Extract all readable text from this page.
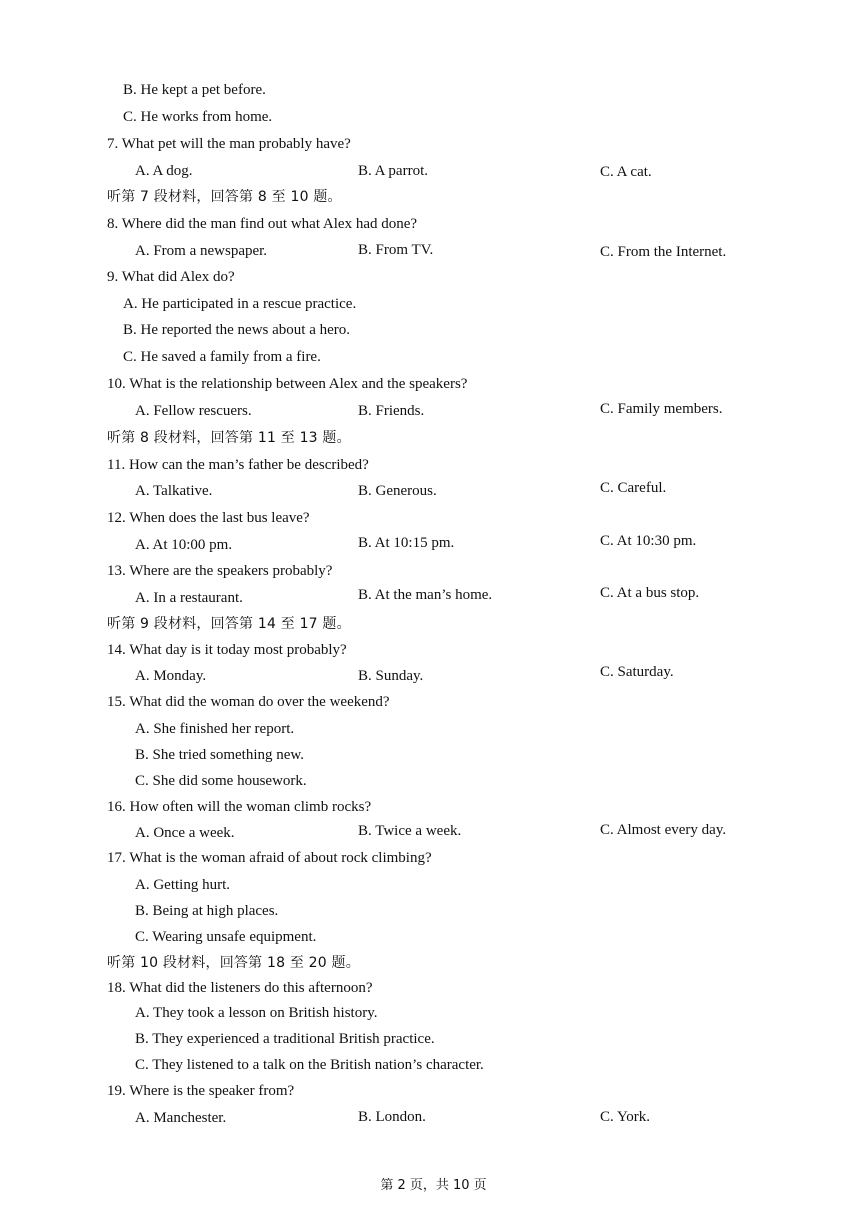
B. He kept a pet before.
C. He works from home.
7. What pet will the man probably have?
A. A dog.	B. A parrot.	C. A cat.
听第 7 段材料，回答第 8 至 10 题。
8. Where did the man find out what Alex had done?
A. From a newspaper.	B. From TV.	C. From the Internet.
9. What did Alex do?
A. He participated in a rescue practice.
B. He reported the news about a hero.
C. He saved a family from a fire.
10. What is the relationship between Alex and the speakers?
A. Fellow rescuers.	B. Friends.	C. Family members.
听第 8 段材料，回答第 11 至 13 题。
11. How can the man’s father be described?
A. Talkative.	B. Generous.	C. Careful.
12. When does the last bus leave?
A. At 10:00 pm.	B. At 10:15 pm.	C. At 10:30 pm.
13. Where are the speakers probably?
A. In a restaurant.	B. At the man’s home.	C. At a bus stop.
听第 9 段材料，回答第 14 至 17 题。
14. What day is it today most probably?
A. Monday.	B. Sunday.	C. Saturday.
15. What did the woman do over the weekend?
A. She finished her report.
B. She tried something new.
C. She did some housework.
16. How often will the woman climb rocks?
A. Once a week.	B. Twice a week.	C. Almost every day.
17. What is the woman afraid of about rock climbing?
A. Getting hurt.
B. Being at high places.
C. Wearing unsafe equipment.
听第 10 段材料，回答第 18 至 20 题。
18. What did the listeners do this afternoon?
A. They took a lesson on British history.
B. They experienced a traditional British practice.
C. They listened to a talk on the British nation’s character.
19. Where is the speaker from?
A. Manchester.	B. London.	C. York.
第 2 页，共 10 页
